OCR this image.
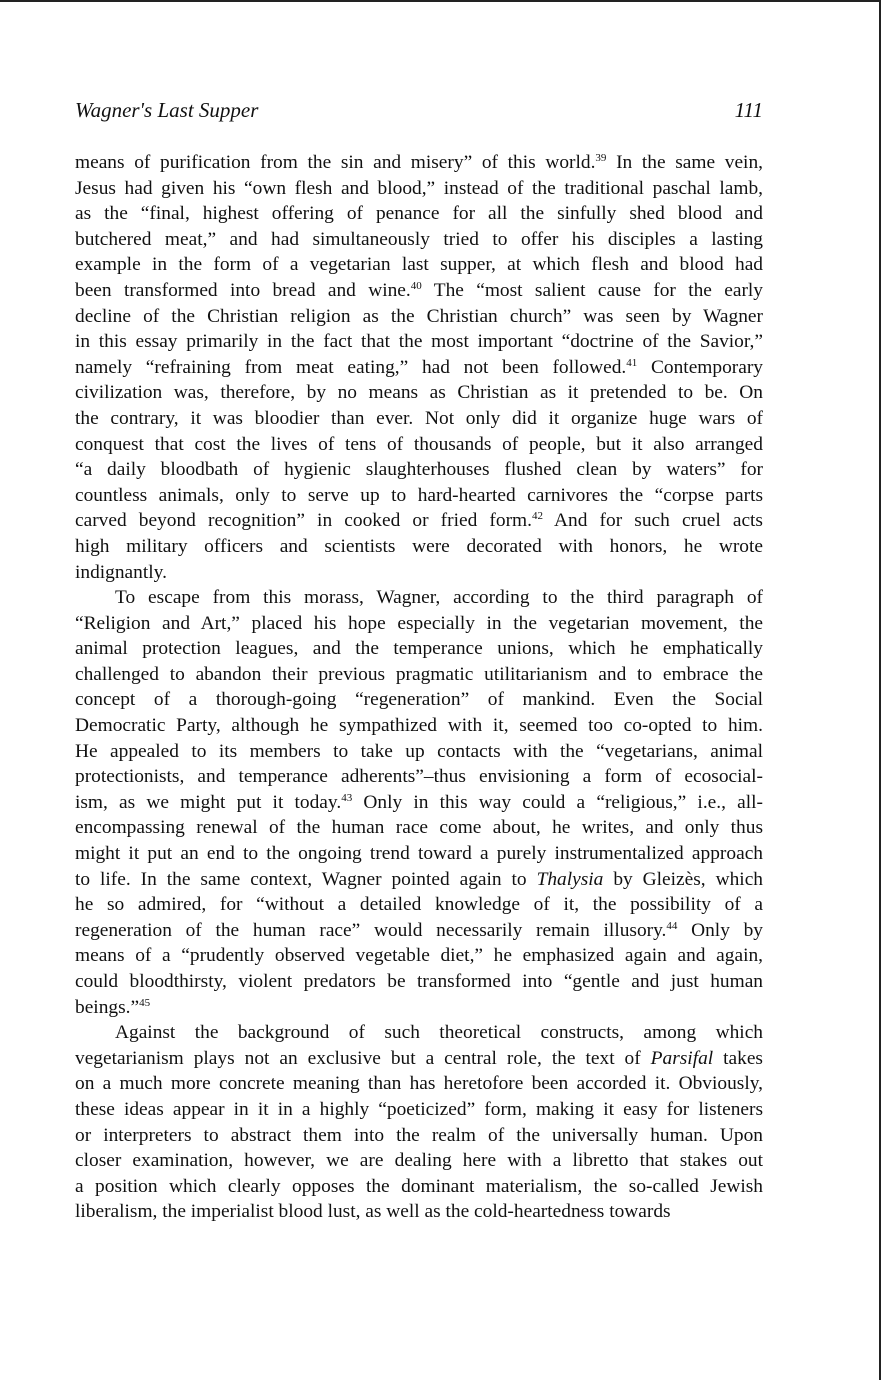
Wagner's Last Supper	111

means of purification from the sin and misery” of this world.$^{39}$ In the same vein,
Jesus had given his “own flesh and blood,” instead of the traditional paschal lamb,
as the “final, highest offering of penance for all the sinfully shed blood and
butchered meat,” and had simultaneously tried to offer his disciples a lasting
example in the form of a vegetarian last supper, at which flesh and blood had
been transformed into bread and wine.$^{40}$ The “most salient cause for the early
decline of the Christian religion as the Christian church” was seen by Wagner
in this essay primarily in the fact that the most important “doctrine of the Savior,”
namely “refraining from meat eating,” had not been followed.$^{41}$ Contemporary
civilization was, therefore, by no means as Christian as it pretended to be. On
the contrary, it was bloodier than ever. Not only did it organize huge wars of
conquest that cost the lives of tens of thousands of people, but it also arranged
“a daily bloodbath of hygienic slaughterhouses flushed clean by waters” for
countless animals, only to serve up to hard-hearted carnivores the “corpse parts
carved beyond recognition” in cooked or fried form.$^{42}$ And for such cruel acts
high military officers and scientists were decorated with honors, he wrote
indignantly.

To escape from this morass, Wagner, according to the third paragraph of
“Religion and Art,” placed his hope especially in the vegetarian movement, the
animal protection leagues, and the temperance unions, which he emphatically
challenged to abandon their previous pragmatic utilitarianism and to embrace the
concept of a thorough-going “regeneration” of mankind. Even the Social
Democratic Party, although he sympathized with it, seemed too co-opted to him.
He appealed to its members to take up contacts with the “vegetarians, animal
protectionists, and temperance adherents”–thus envisioning a form of ecosocial-
ism, as we might put it today.$^{43}$ Only in this way could a “religious,” i.e., all-
encompassing renewal of the human race come about, he writes, and only thus
might it put an end to the ongoing trend toward a purely instrumentalized approach
to life. In the same context, Wagner pointed again to Thalysia by Gleizès, which
he so admired, for “without a detailed knowledge of it, the possibility of a
regeneration of the human race” would necessarily remain illusory.$^{44}$ Only by
means of a “prudently observed vegetable diet,” he emphasized again and again,
could bloodthirsty, violent predators be transformed into “gentle and just human
beings.”$^{45}$

Against the background of such theoretical constructs, among which
vegetarianism plays not an exclusive but a central role, the text of Parsifal takes
on a much more concrete meaning than has heretofore been accorded it. Obviously,
these ideas appear in it in a highly “poeticized” form, making it easy for listeners
or interpreters to abstract them into the realm of the universally human. Upon
closer examination, however, we are dealing here with a libretto that stakes out
a position which clearly opposes the dominant materialism, the so-called Jewish
liberalism, the imperialist blood lust, as well as the cold-heartedness towards
